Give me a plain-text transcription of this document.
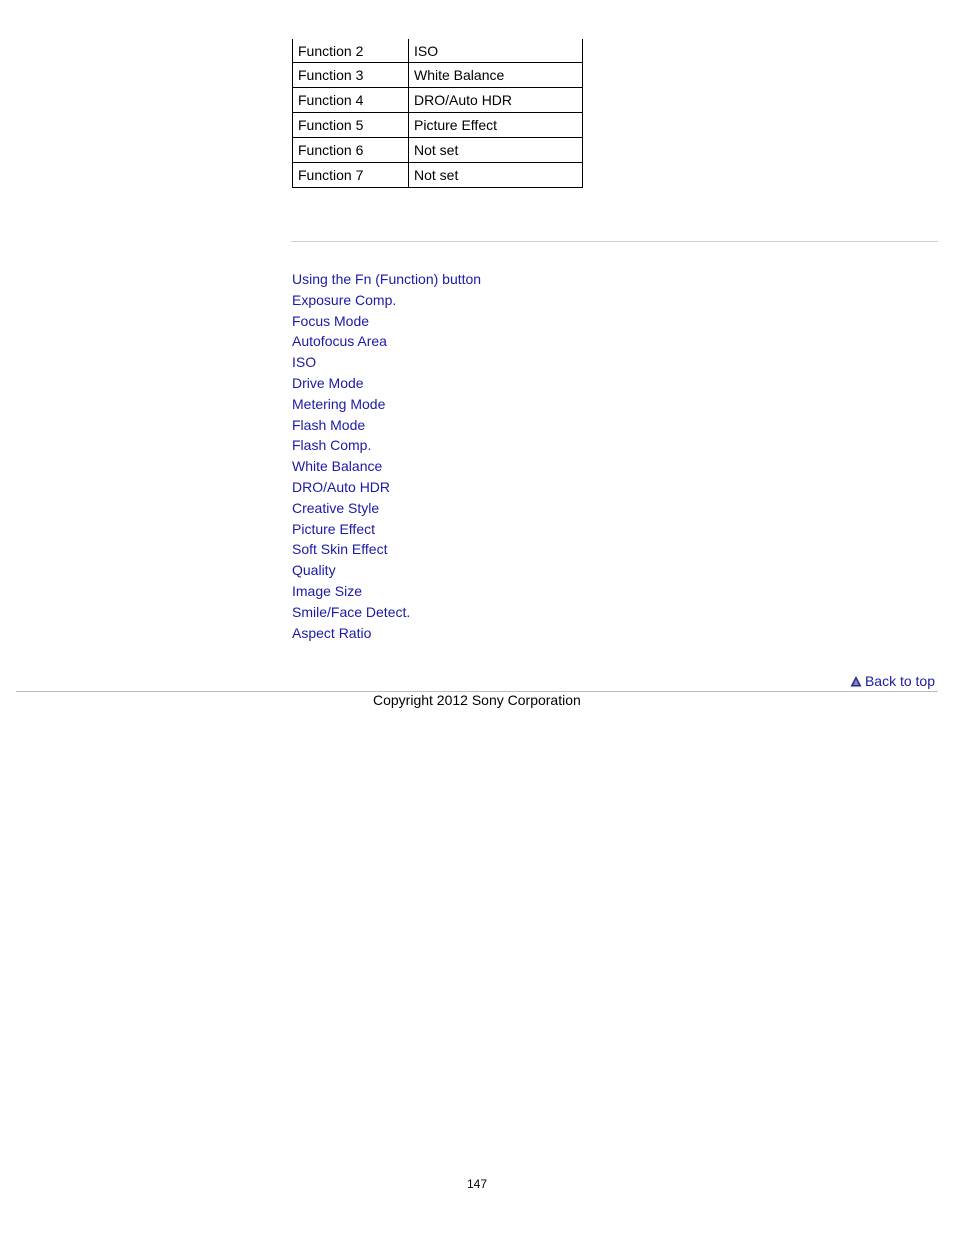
Function 2	ISO
Function 3	White Balance
Function 4	DRO/Auto HDR
Function 5	Picture Effect
Function 6	Not set
Function 7	Not set
Using the Fn (Function) button
Exposure Comp.
Focus Mode
Autofocus Area
ISO
Drive Mode
Metering Mode
Flash Mode
Flash Comp.
White Balance
DRO/Auto HDR
Creative Style
Picture Effect
Soft Skin Effect
Quality
Image Size
Smile/Face Detect.
Aspect Ratio
Back to top
Copyright 2012 Sony Corporation
147
